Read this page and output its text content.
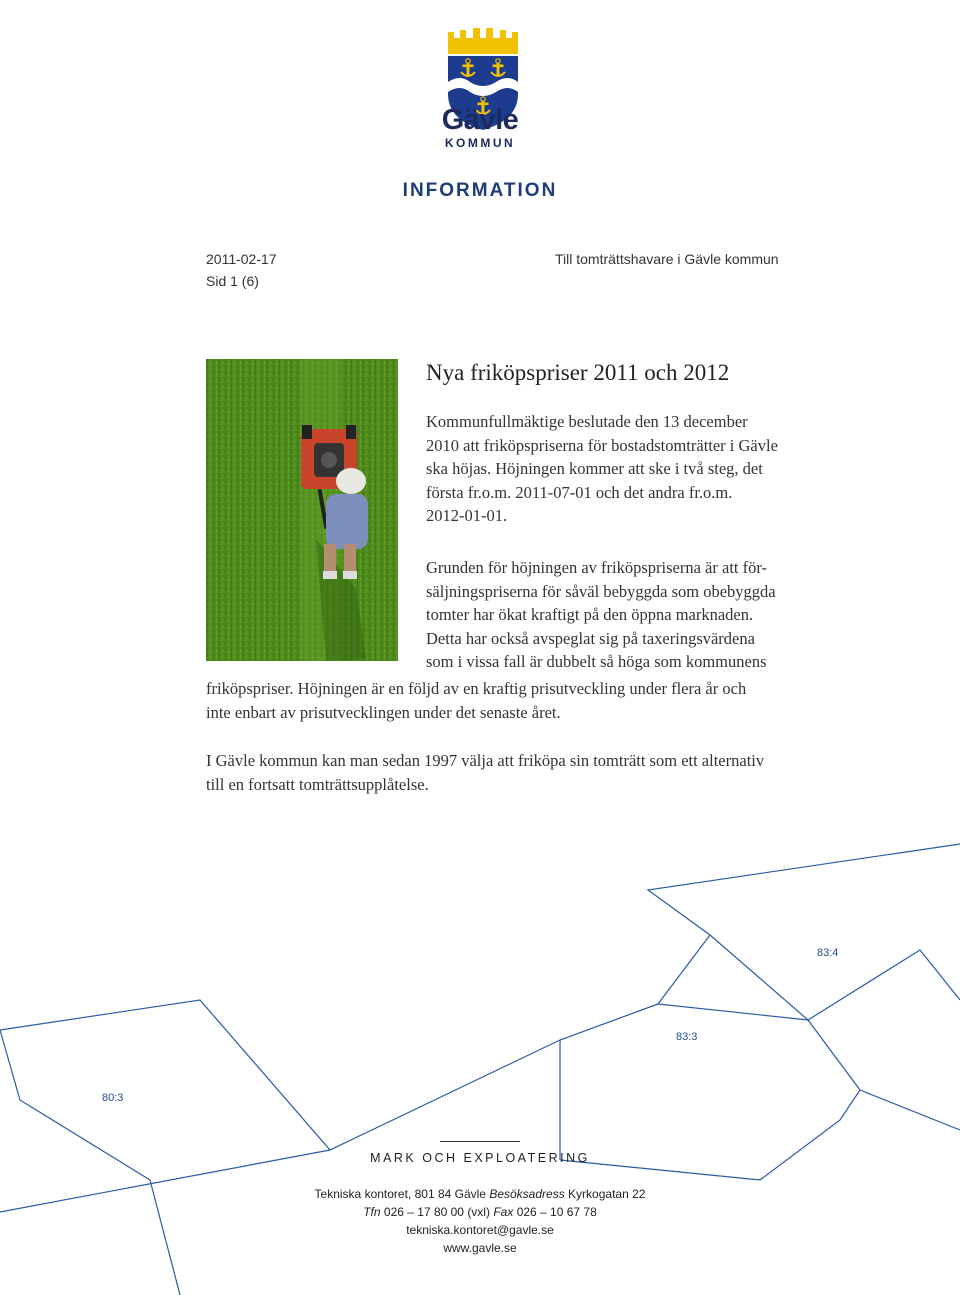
Gävle
KOMMUN
INFORMATION
2011-02-17
Sid 1 (6)
Till tomträttshavare i Gävle kommun
Nya friköpspriser 2011 och 2012
Kommunfullmäktige beslutade den 13 december
2010 att friköpspriserna för bostadstomträtter i Gävle
ska höjas. Höjningen kommer att ske i två steg, det
första fr.o.m. 2011-07-01 och det andra fr.o.m.
2012-01-01.
Grunden för höjningen av friköpspriserna är att för-
säljningspriserna för såväl bebyggda som obebyggda
tomter har ökat kraftigt på den öppna marknaden.
Detta har också avspeglat sig på taxeringsvärdena
som i vissa fall är dubbelt så höga som kommunens
friköpspriser. Höjningen är en följd av en kraftig prisutveckling under flera år och
inte enbart av prisutvecklingen under det senaste året.
I Gävle kommun kan man sedan 1997 välja att friköpa sin tomträtt som ett alternativ
till en fortsatt tomträttsupplåtelse.
83:4
83:3
80:3
MARK OCH EXPLOATERING
Tekniska kontoret, 801 84 Gävle Besöksadress Kyrkogatan 22
Tfn 026 – 17 80 00 (vxl) Fax 026 – 10 67 78
tekniska.kontoret@gavle.se
www.gavle.se
